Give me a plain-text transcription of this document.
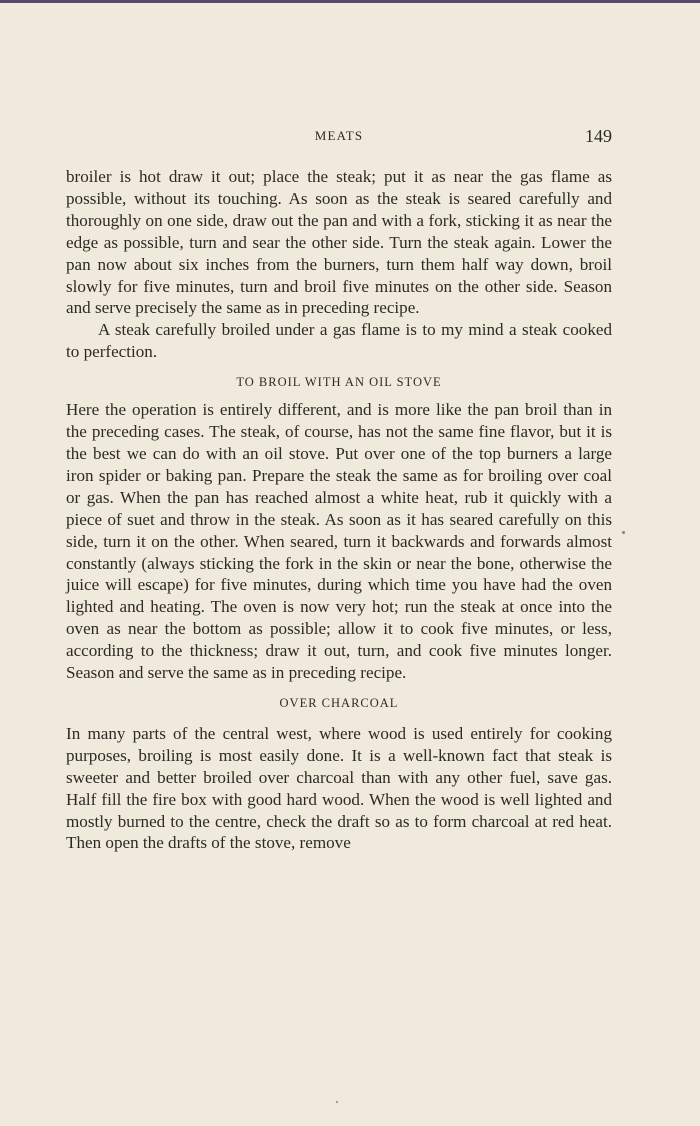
MEATS	149

broiler is hot draw it out; place the steak; put it as near the gas flame as possible, without its touching. As soon as the steak is seared carefully and thoroughly on one side, draw out the pan and with a fork, sticking it as near the edge as possible, turn and sear the other side. Turn the steak again. Lower the pan now about six inches from the burners, turn them half way down, broil slowly for five minutes, turn and broil five minutes on the other side. Season and serve precisely the same as in preceding recipe.

A steak carefully broiled under a gas flame is to my mind a steak cooked to perfection.

TO BROIL WITH AN OIL STOVE

Here the operation is entirely different, and is more like the pan broil than in the preceding cases. The steak, of course, has not the same fine flavor, but it is the best we can do with an oil stove. Put over one of the top burners a large iron spider or baking pan. Prepare the steak the same as for broiling over coal or gas. When the pan has reached almost a white heat, rub it quickly with a piece of suet and throw in the steak. As soon as it has seared carefully on this side, turn it on the other. When seared, turn it backwards and forwards almost constantly (always sticking the fork in the skin or near the bone, otherwise the juice will escape) for five minutes, during which time you have had the oven lighted and heating. The oven is now very hot; run the steak at once into the oven as near the bottom as possible; allow it to cook five minutes, or less, according to the thickness; draw it out, turn, and cook five minutes longer. Season and serve the same as in preceding recipe.

OVER CHARCOAL

In many parts of the central west, where wood is used entirely for cooking purposes, broiling is most easily done. It is a well-known fact that steak is sweeter and better broiled over charcoal than with any other fuel, save gas. Half fill the fire box with good hard wood. When the wood is well lighted and mostly burned to the centre, check the draft so as to form charcoal at red heat. Then open the drafts of the stove, remove
